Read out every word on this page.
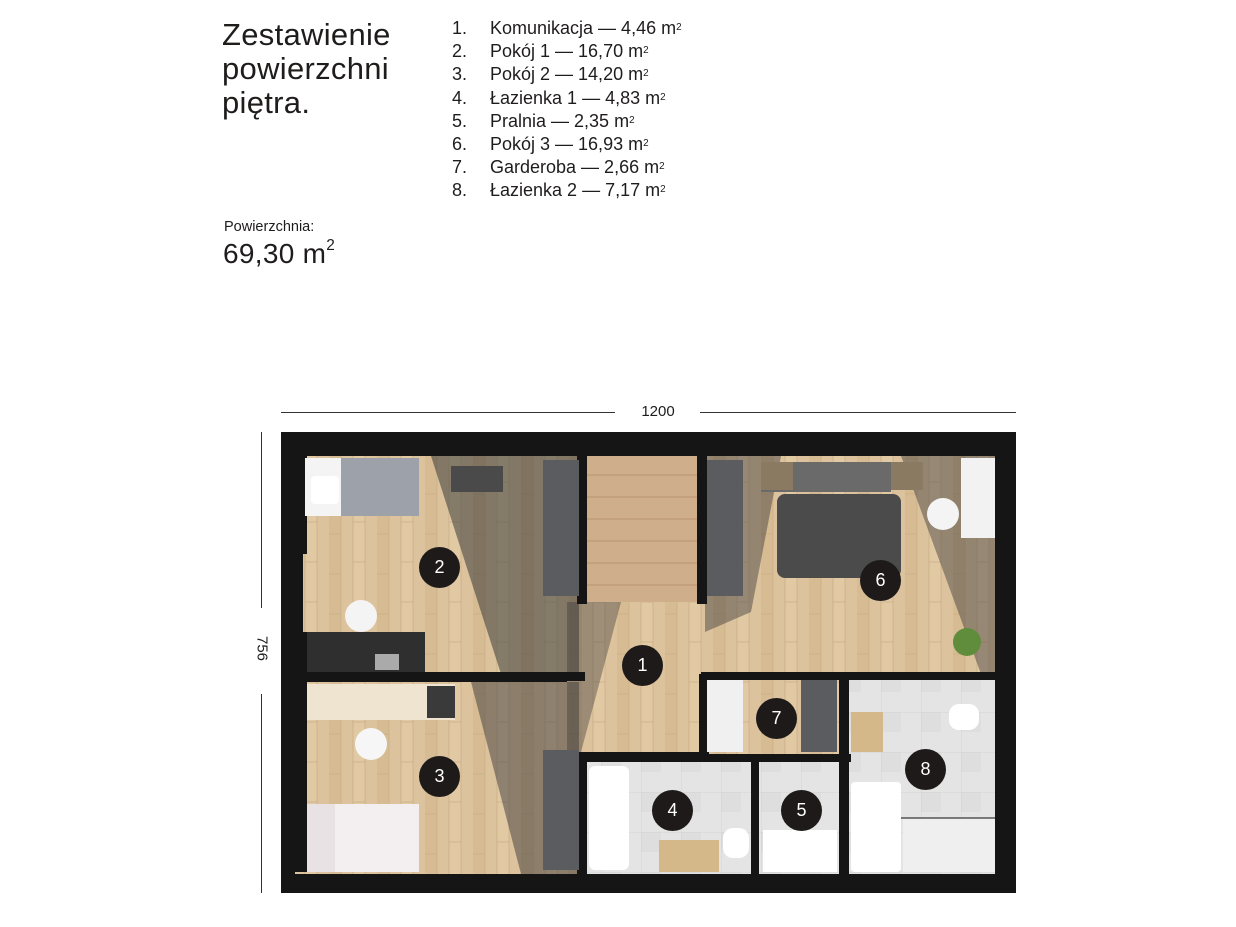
Zestawienie
powierzchni
piętra.
1.	Komunikacja — 4,46 $m^2$
2.	Pokój 1 — 16,70 $m^2$
3.	Pokój 2 — 14,20 $m^2$
4.	Łazienka 1 — 4,83 $m^2$
5.	Pralnia — 2,35 $m^2$
6.	Pokój 3 — 16,93 $m^2$
7.	Garderoba — 2,66 $m^2$
8.	Łazienka 2 — 7,17 $m^2$
Powierzchnia:
69,30 $m^2$
1200
756
2
3
1
6
7
8
4	5
